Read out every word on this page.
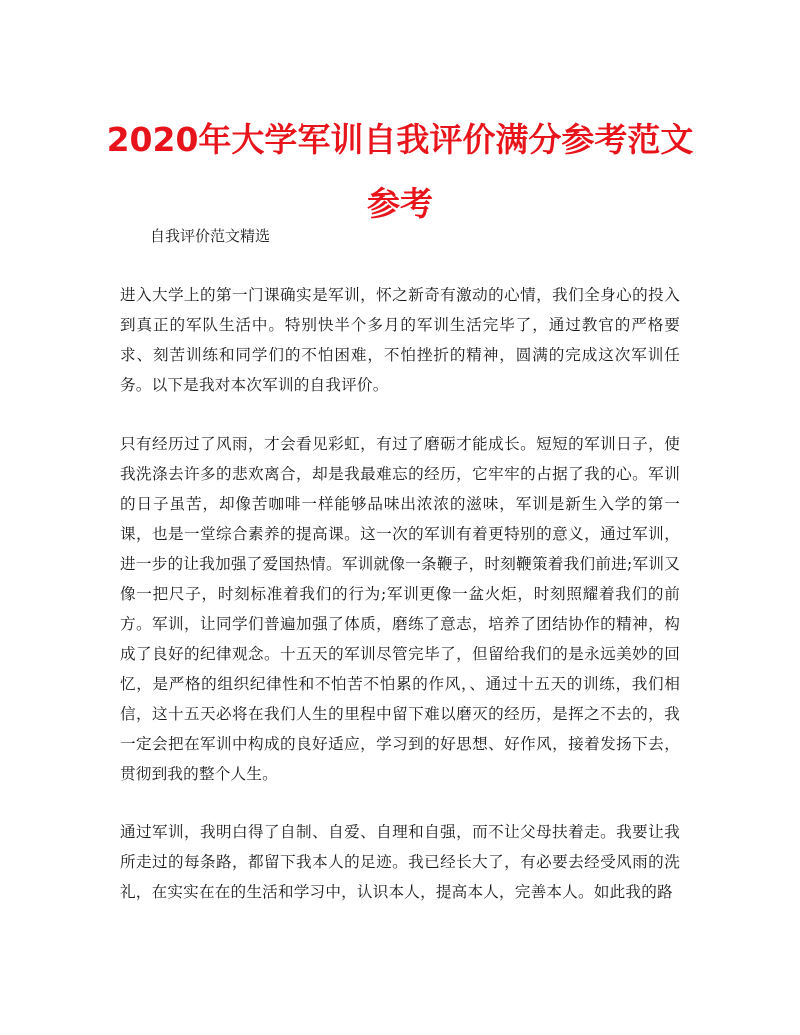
2020年大学军训自我评价满分参考范文参考

自我评价范文精选

进入大学上的第一门课确实是军训，怀之新奇有激动的心情，我们全身心的投入到真正的军队生活中。特别快半个多月的军训生活完毕了，通过教官的严格要求、刻苦训练和同学们的不怕困难，不怕挫折的精神，圆满的完成这次军训任务。以下是我对本次军训的自我评价。

只有经历过了风雨，才会看见彩虹，有过了磨砺才能成长。短短的军训日子，使我洗涤去许多的悲欢离合，却是我最难忘的经历，它牢牢的占据了我的心。军训的日子虽苦，却像苦咖啡一样能够品味出浓浓的滋味，军训是新生入学的第一课，也是一堂综合素养的提高课。这一次的军训有着更特别的意义，通过军训，进一步的让我加强了爱国热情。军训就像一条鞭子，时刻鞭策着我们前进;军训又像一把尺子，时刻标准着我们的行为;军训更像一盆火炬，时刻照耀着我们的前方。军训，让同学们普遍加强了体质，磨练了意志，培养了团结协作的精神，构成了良好的纪律观念。十五天的军训尽管完毕了，但留给我们的是永远美妙的回忆，是严格的组织纪律性和不怕苦不怕累的作风，、通过十五天的训练，我们相信，这十五天必将在我们人生的里程中留下难以磨灭的经历，是挥之不去的，我一定会把在军训中构成的良好适应，学习到的好思想、好作风，接着发扬下去，贯彻到我的整个人生。

通过军训，我明白得了自制、自爱、自理和自强，而不让父母扶着走。我要让我所走过的每条路，都留下我本人的足迹。我已经长大了，有必要去经受风雨的洗礼，在实实在在的生活和学习中，认识本人，提高本人，完善本人。如此我的路
